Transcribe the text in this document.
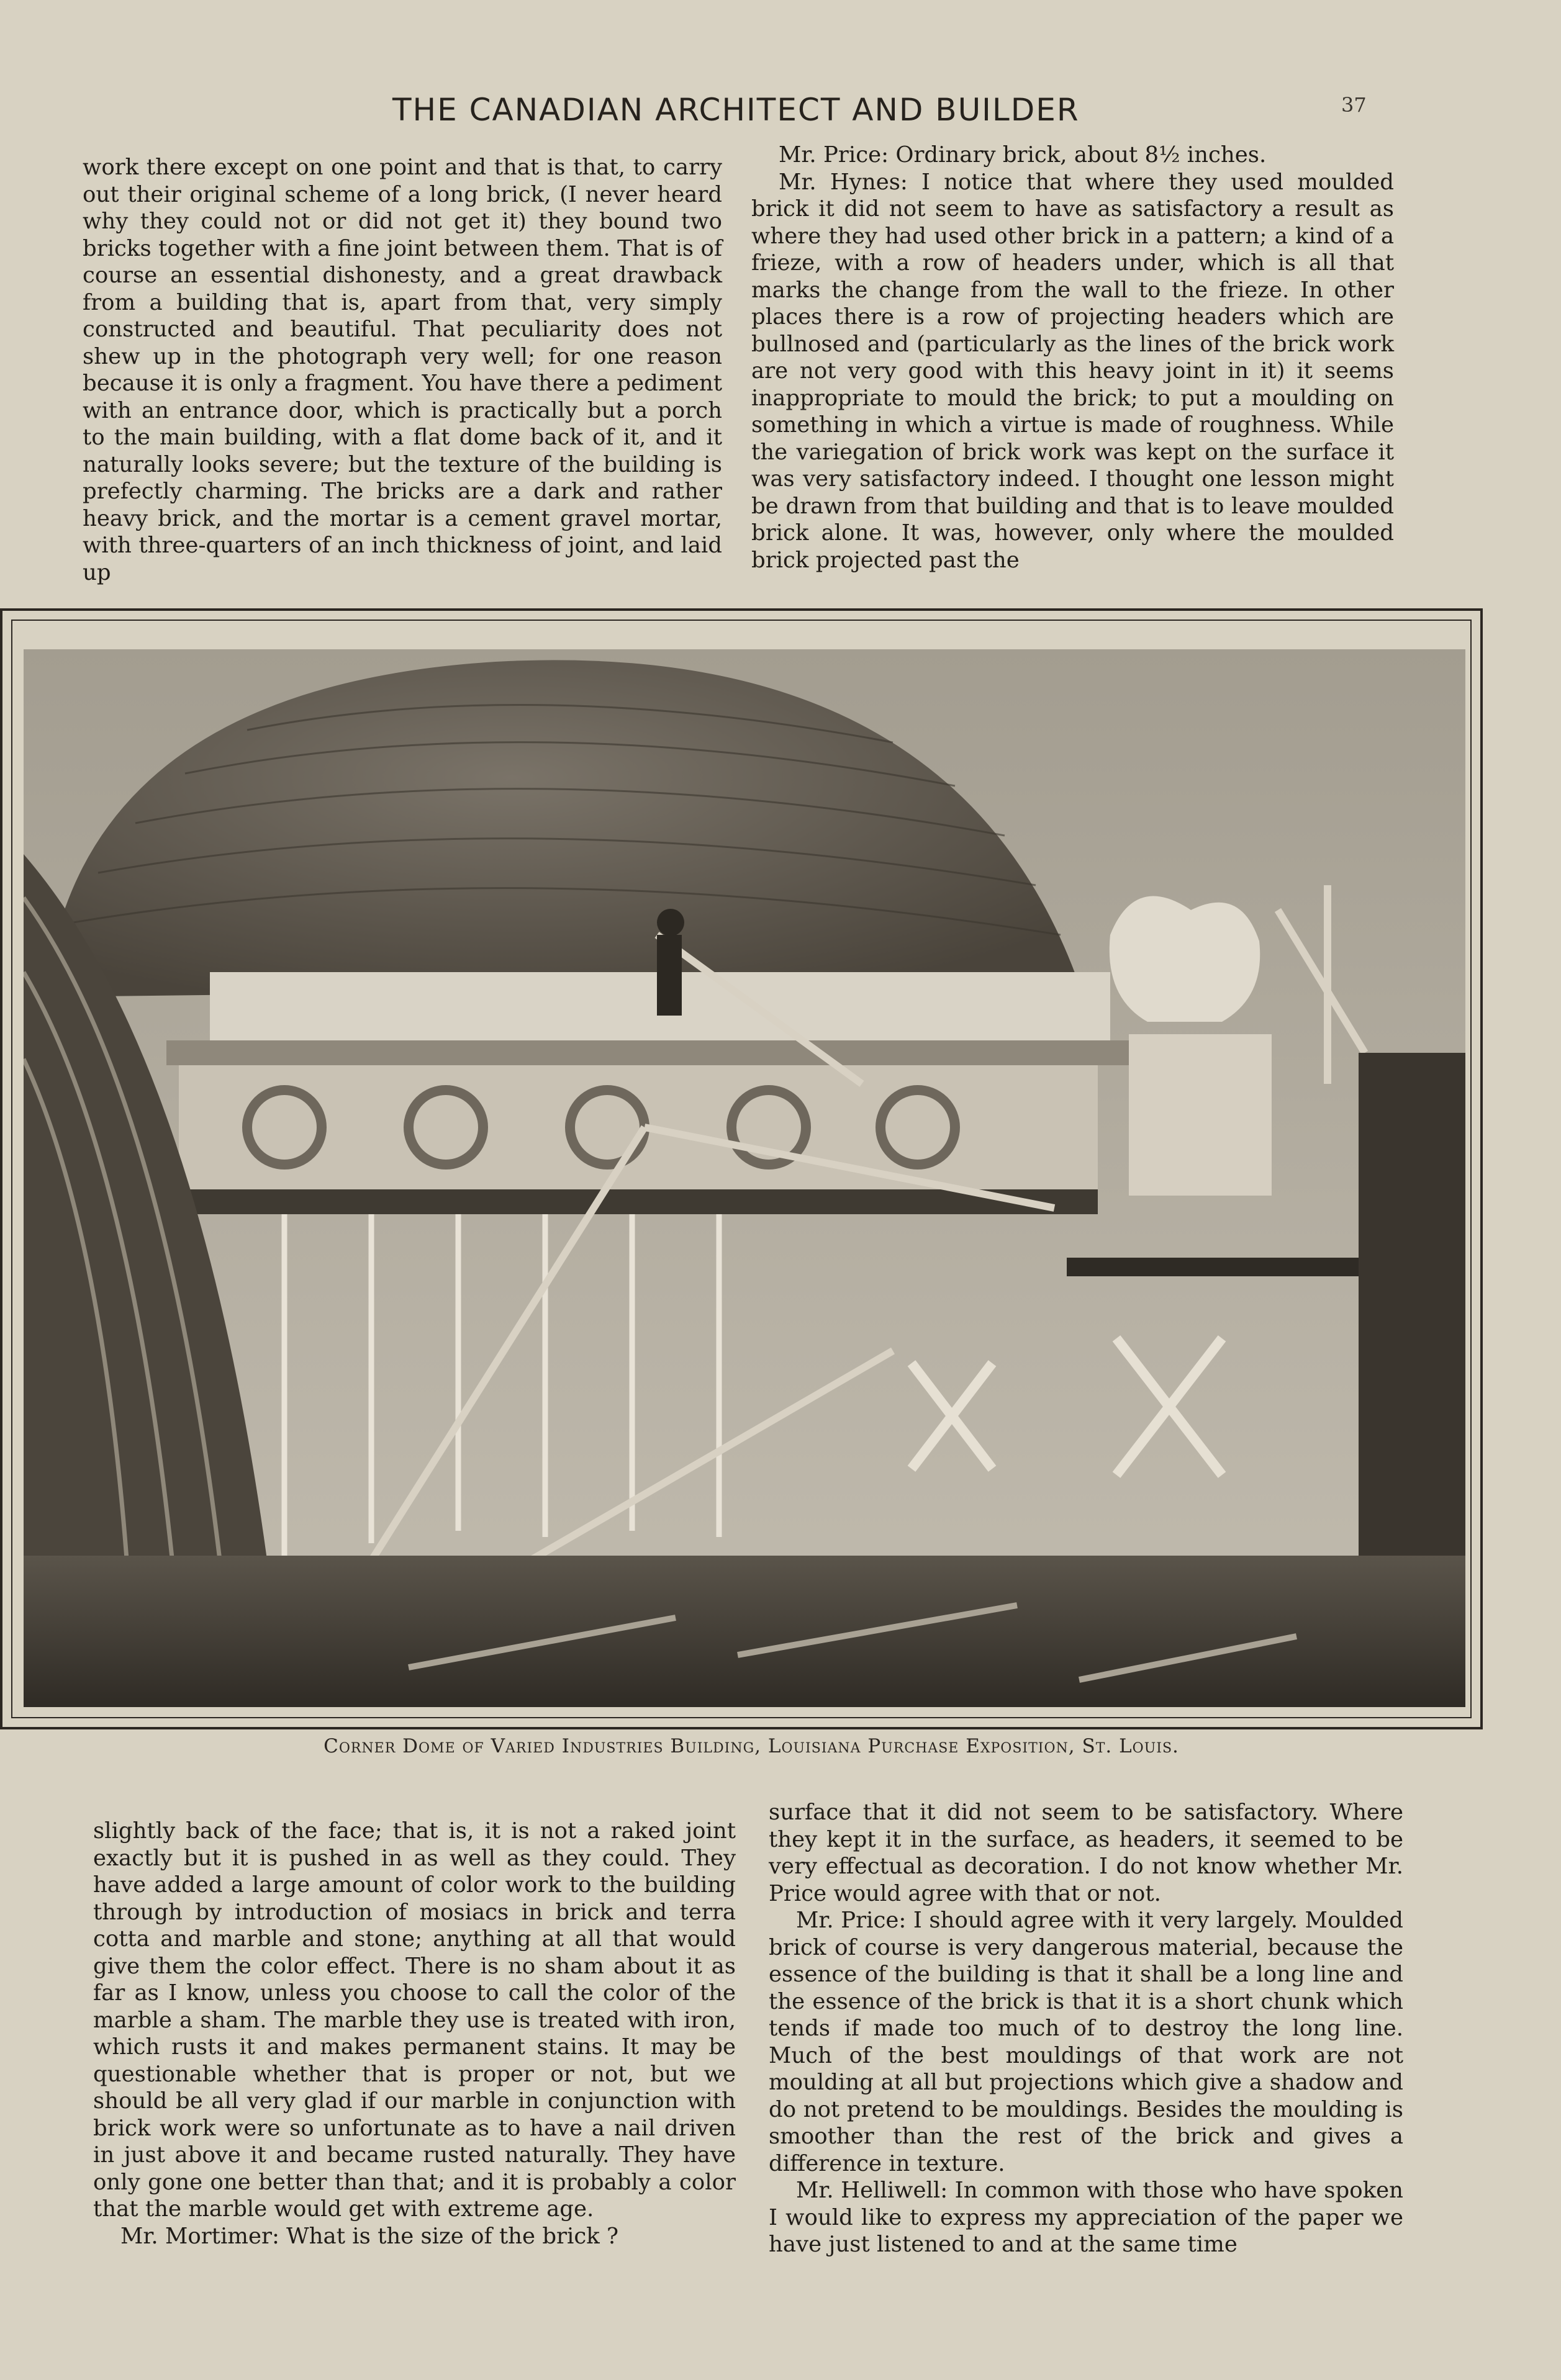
THE CANADIAN ARCHITECT AND BUILDER	37

work there except on one point and that is that, to carry out their original scheme of a long brick, (I never heard why they could not or did not get it) they bound two bricks together with a fine joint between them. That is of course an essential dishonesty, and a great drawback from a building that is, apart from that, very simply constructed and beautiful. That peculiarity does not shew up in the photograph very well; for one reason because it is only a fragment. You have there a pediment with an entrance door, which is practically but a porch to the main building, with a flat dome back of it, and it naturally looks severe; but the texture of the building is prefectly charming. The bricks are a dark and rather heavy brick, and the mortar is a cement gravel mortar, with three-quarters of an inch thickness of joint, and laid up

Mr. Price: Ordinary brick, about 8½ inches.

Mr. Hynes: I notice that where they used moulded brick it did not seem to have as satisfactory a result as where they had used other brick in a pattern; a kind of a frieze, with a row of headers under, which is all that marks the change from the wall to the frieze. In other places there is a row of projecting headers which are bullnosed and (particularly as the lines of the brick work are not very good with this heavy joint in it) it seems inappropriate to mould the brick; to put a moulding on something in which a virtue is made of roughness. While the variegation of brick work was kept on the surface it was very satisfactory indeed. I thought one lesson might be drawn from that building and that is to leave moulded brick alone. It was, however, only where the moulded brick projected past the

Corner Dome of Varied Industries Building, Louisiana Purchase Exposition, St. Louis.

slightly back of the face; that is, it is not a raked joint exactly but it is pushed in as well as they could. They have added a large amount of color work to the building through by introduction of mosiacs in brick and terra cotta and marble and stone; anything at all that would give them the color effect. There is no sham about it as far as I know, unless you choose to call the color of the marble a sham. The marble they use is treated with iron, which rusts it and makes permanent stains. It may be questionable whether that is proper or not, but we should be all very glad if our marble in conjunction with brick work were so unfortunate as to have a nail driven in just above it and became rusted naturally. They have only gone one better than that; and it is probably a color that the marble would get with extreme age.

Mr. Mortimer: What is the size of the brick ?

surface that it did not seem to be satisfactory. Where they kept it in the surface, as headers, it seemed to be very effectual as decoration. I do not know whether Mr. Price would agree with that or not.

Mr. Price: I should agree with it very largely. Moulded brick of course is very dangerous material, because the essence of the building is that it shall be a long line and the essence of the brick is that it is a short chunk which tends if made too much of to destroy the long line. Much of the best mouldings of that work are not moulding at all but projections which give a shadow and do not pretend to be mouldings. Besides the moulding is smoother than the rest of the brick and gives a difference in texture.

Mr. Helliwell: In common with those who have spoken I would like to express my appreciation of the paper we have just listened to and at the same time
